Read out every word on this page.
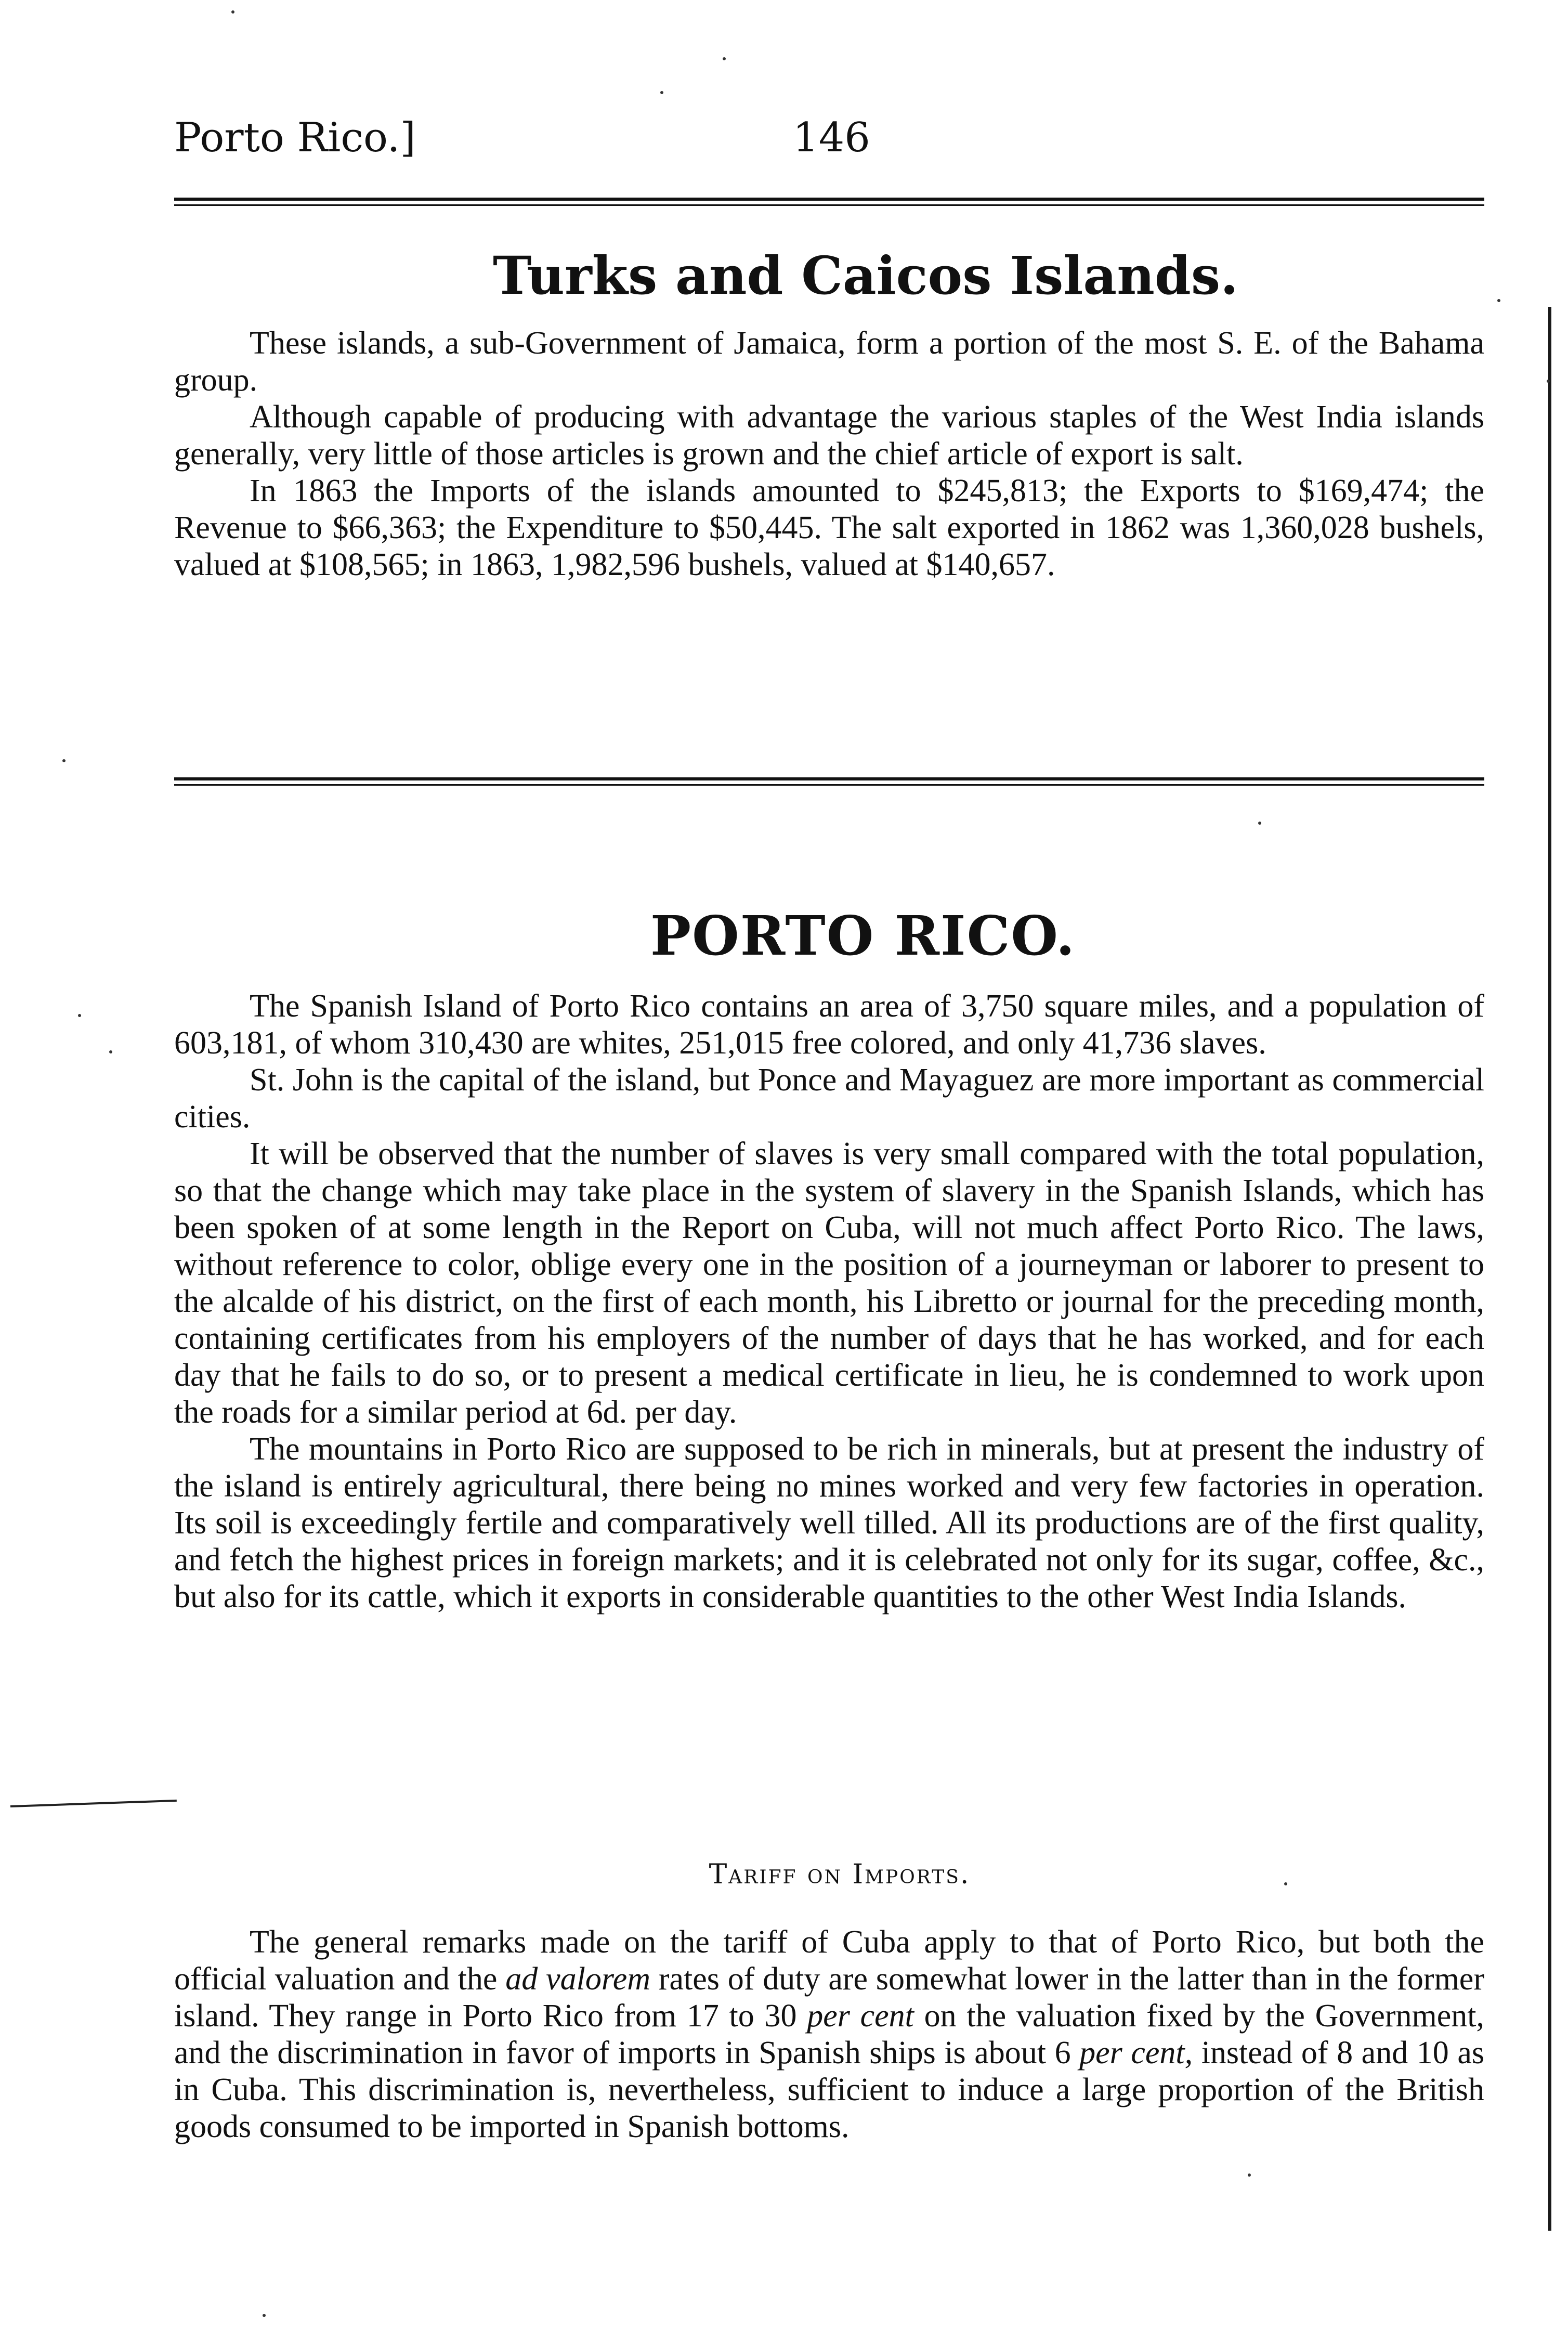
Porto Rico.]	146
Turks and Caicos Islands.

These islands, a sub-Government of Jamaica, form a portion of the most S. E. of the Bahama group.

Although capable of producing with advantage the various staples of the West India islands generally, very little of those articles is grown and the chief article of export is salt.

In 1863 the Imports of the islands amounted to $245,813; the Exports to $169,474; the Revenue to $66,363; the Expenditure to $50,445. The salt exported in 1862 was 1,360,028 bushels, valued at $108,565; in 1863, 1,982,596 bushels, valued at $140,657.

PORTO RICO.

The Spanish Island of Porto Rico contains an area of 3,750 square miles, and a population of 603,181, of whom 310,430 are whites, 251,015 free colored, and only 41,736 slaves.

St. John is the capital of the island, but Ponce and Mayaguez are more important as commercial cities.

It will be observed that the number of slaves is very small compared with the total population, so that the change which may take place in the system of slavery in the Spanish Islands, which has been spoken of at some length in the Report on Cuba, will not much affect Porto Rico. The laws, without reference to color, oblige every one in the position of a journeyman or laborer to present to the alcalde of his district, on the first of each month, his Libretto or journal for the preceding month, containing certificates from his employers of the number of days that he has worked, and for each day that he fails to do so, or to present a medical certificate in lieu, he is condemned to work upon the roads for a similar period at 6d. per day.

The mountains in Porto Rico are supposed to be rich in minerals, but at present the industry of the island is entirely agricultural, there being no mines worked and very few factories in operation. Its soil is exceedingly fertile and comparatively well tilled. All its productions are of the first quality, and fetch the highest prices in foreign markets; and it is celebrated not only for its sugar, coffee, &c., but also for its cattle, which it exports in considerable quantities to the other West India Islands.

Tariff on Imports.

The general remarks made on the tariff of Cuba apply to that of Porto Rico, but both the official valuation and the ad valorem rates of duty are somewhat lower in the latter than in the former island. They range in Porto Rico from 17 to 30 per cent on the valuation fixed by the Government, and the discrimination in favor of imports in Spanish ships is about 6 per cent, instead of 8 and 10 as in Cuba. This discrimination is, nevertheless, sufficient to induce a large proportion of the British goods consumed to be imported in Spanish bottoms.
